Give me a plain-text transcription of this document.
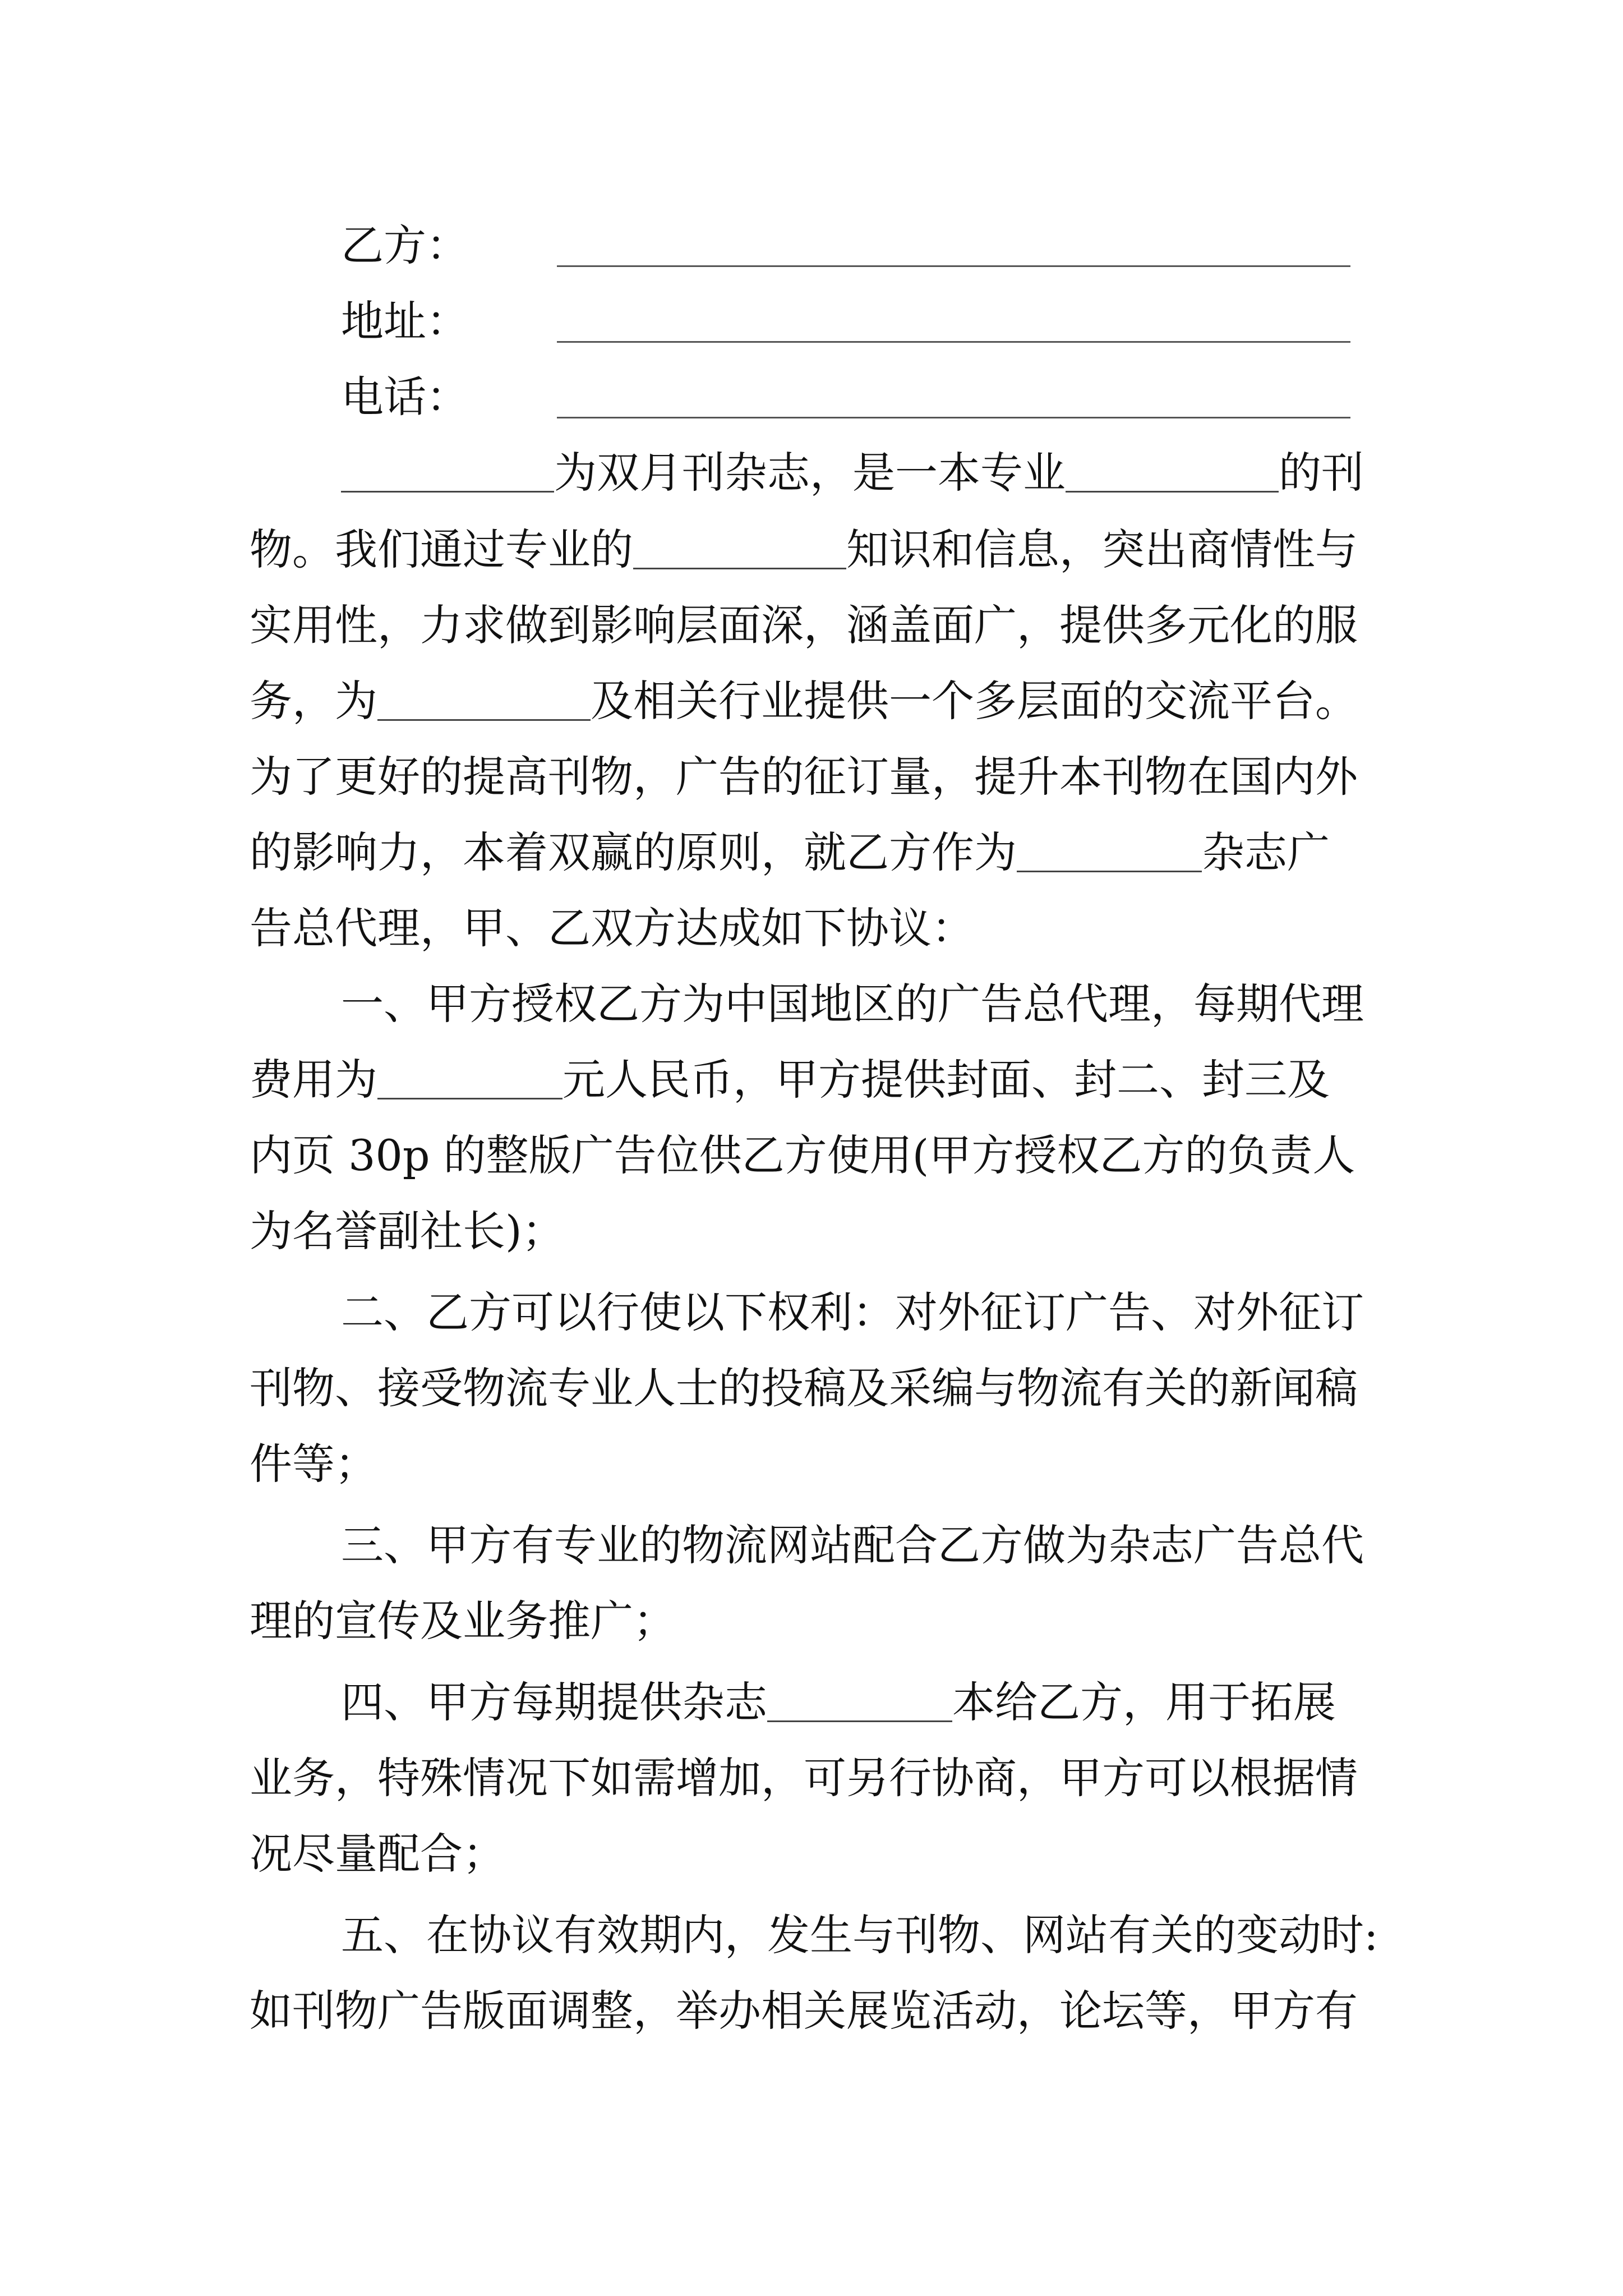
乙方：
地址：
电话：
为双月刊杂志，是一本专业	的刊
物。我们通过专业的	知识和信息，突出商情性与
实用性，力求做到影响层面深，涵盖面广，提供多元化的服
务，为	及相关行业提供一个多层面的交流平台。
为了更好的提高刊物，广告的征订量，提升本刊物在国内外
的影响力，本着双赢的原则，就乙方作为	杂志广
告总代理，甲、乙双方达成如下协议：
一、甲方授权乙方为中国地区的广告总代理，每期代理
费用为	元人民币，甲方提供封面、封二、封三及
内页 30p 的整版广告位供乙方使用(甲方授权乙方的负责人
为名誉副社长)；
二、乙方可以行使以下权利：对外征订广告、对外征订
刊物、接受物流专业人士的投稿及采编与物流有关的新闻稿
件等；
三、甲方有专业的物流网站配合乙方做为杂志广告总代
理的宣传及业务推广；
四、甲方每期提供杂志	本给乙方，用于拓展
业务，特殊情况下如需增加，可另行协商，甲方可以根据情
况尽量配合；
五、在协议有效期内，发生与刊物、网站有关的变动时:
如刊物广告版面调整，举办相关展览活动，论坛等，甲方有
